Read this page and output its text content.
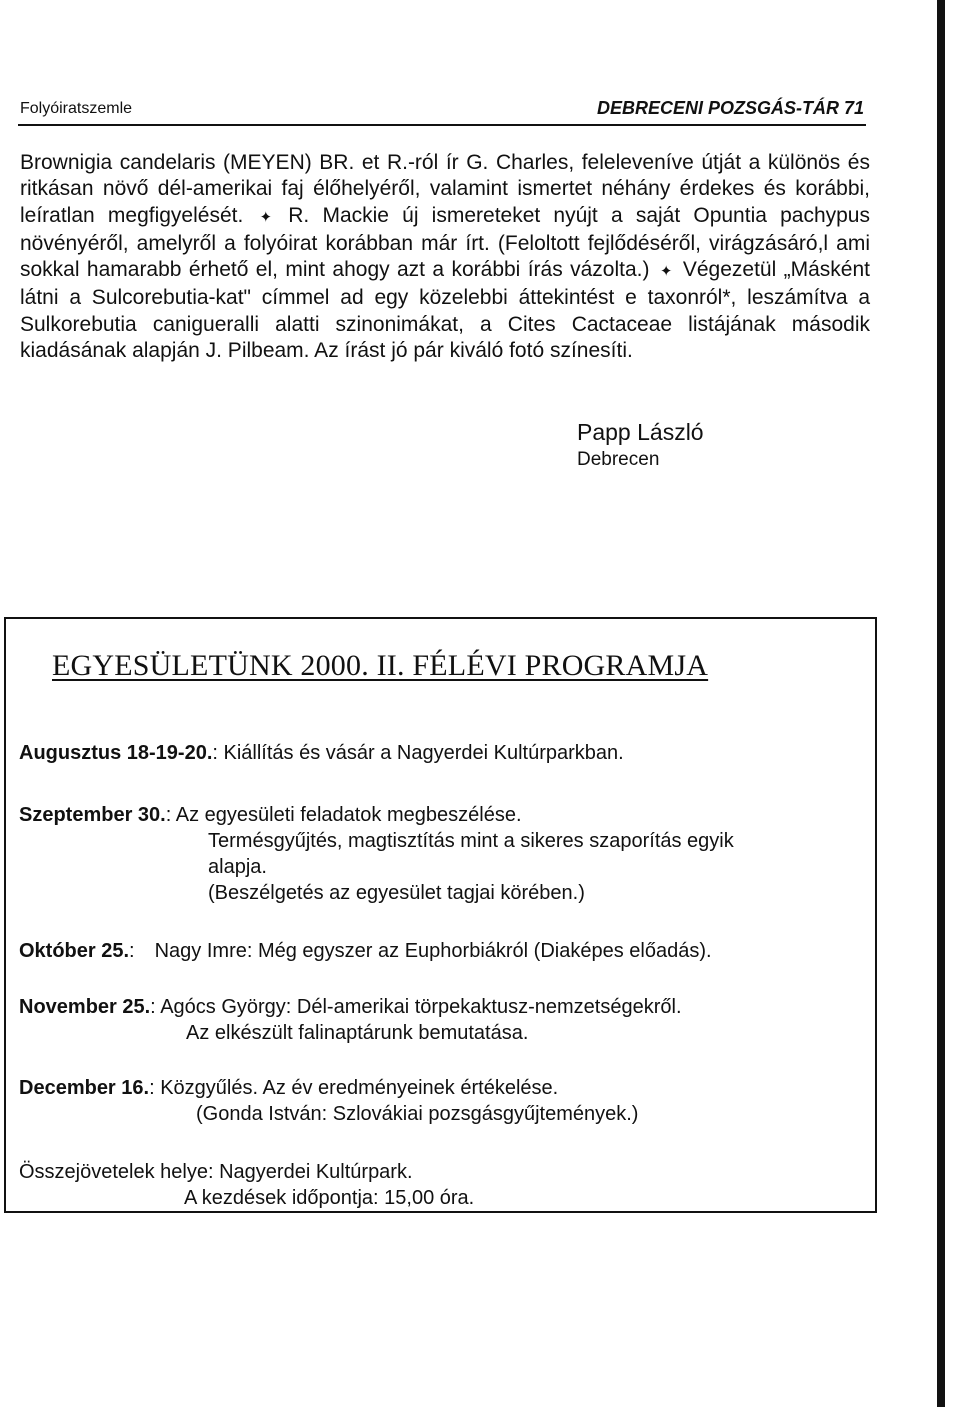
Folyóiratszemle	DEBRECENI POZSGÁS-TÁR 71

Brownigia candelaris (MEYEN) BR. et R.-ról ír G. Charles, feleleveníve útját a különös és ritkásan növő dél-amerikai faj élőhelyéről, valamint ismertet néhány érdekes és korábbi, leíratlan megfigyelését. ✦ R. Mackie új ismereteket nyújt a saját Opuntia pachypus növényéről, amelyről a folyóirat korábban már írt. (Feloltott fejlődéséről, virágzásáró,l ami sokkal hamarabb érhető el, mint ahogy azt a korábbi írás vázolta.) ✦ Végezetül „Másként látni a Sulcorebutia-kat" címmel ad egy közelebbi áttekintést e taxonról*, leszámítva a Sulkorebutia canigueralli alatti szinonimákat, a Cites Cactaceae listájának második kiadásának alapján J. Pilbeam. Az írást jó pár kiváló fotó színesíti.

Papp László
Debrecen
EGYESÜLETÜNK 2000. II. FÉLÉVI PROGRAMJA
Augusztus 18-19-20.: Kiállítás és vásár a Nagyerdei Kultúrparkban.
Szeptember 30.: Az egyesületi feladatok megbeszélése.
Termésgyűjtés, magtisztítás mint a sikeres szaporítás egyik
alapja.
(Beszélgetés az egyesület tagjai körében.)
Október 25.: Nagy Imre: Még egyszer az Euphorbiákról (Diaképes előadás).
November 25.: Agócs György: Dél-amerikai törpekaktusz-nemzetségekről.
Az elkészült falinaptárunk bemutatása.
December 16.: Közgyűlés. Az év eredményeinek értékelése.
(Gonda István: Szlovákiai pozsgásgyűjtemények.)
Összejövetelek helye: Nagyerdei Kultúrpark.
A kezdések időpontja: 15,00 óra.
